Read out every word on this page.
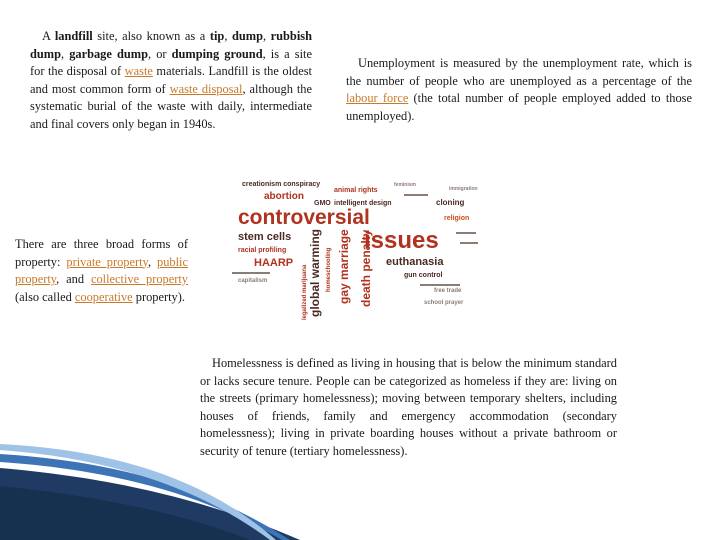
A landfill site, also known as a tip, dump, rubbish dump, garbage dump, or dumping ground, is a site for the disposal of waste materials. Landfill is the oldest and most common form of waste disposal, although the systematic burial of the waste with daily, intermediate and final covers only began in 1940s.

Unemployment is measured by the unemployment rate, which is the number of people who are unemployed as a percentage of the labour force (the total number of people employed added to those unemployed).

There are three broad forms of property: private property, public property, and collective property (also called cooperative property).

creationism conspiracy
animal rights
feminism
abortion
GMO intelligent design
controversial
cloning
religion
issues
stem cells
racial profiling
HAARP	euthanasia
gun control
capitalism
free trade
school prayer
immigration
legalized marijuana global warming homeschooling gay marriage death penalty

Homelessness is defined as living in housing that is below the minimum standard or lacks secure tenure. People can be categorized as homeless if they are: living on the streets (primary homelessness); moving between temporary shelters, including houses of friends, family and emergency accommodation (secondary homelessness); living in private boarding houses without a private bathroom or security of tenure (tertiary homelessness).
